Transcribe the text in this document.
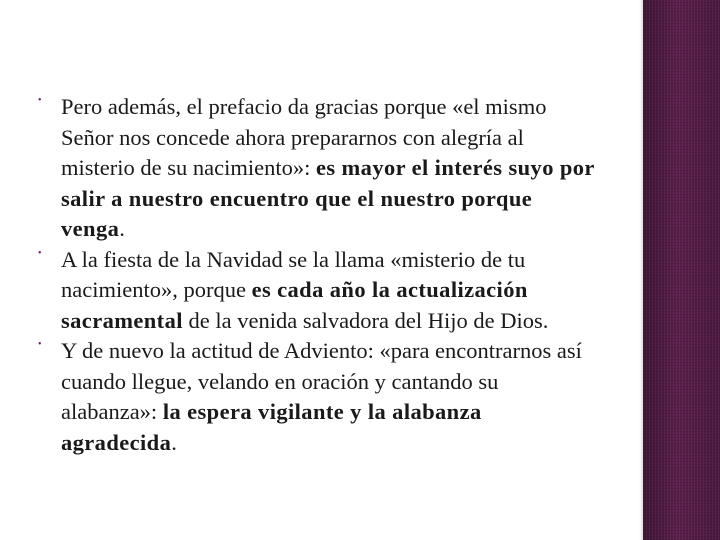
• Pero además, el prefacio da gracias porque «el mismo Señor nos concede ahora prepararnos con alegría al misterio de su nacimiento»: es mayor el interés suyo por salir a nuestro encuentro que el nuestro porque venga.
• A la fiesta de la Navidad se la llama «misterio de tu nacimiento», porque es cada año la actualización sacramental de la venida salvadora del Hijo de Dios.
• Y de nuevo la actitud de Adviento: «para encontrarnos así cuando llegue, velando en oración y cantando su alabanza»: la espera vigilante y la alabanza agradecida.
